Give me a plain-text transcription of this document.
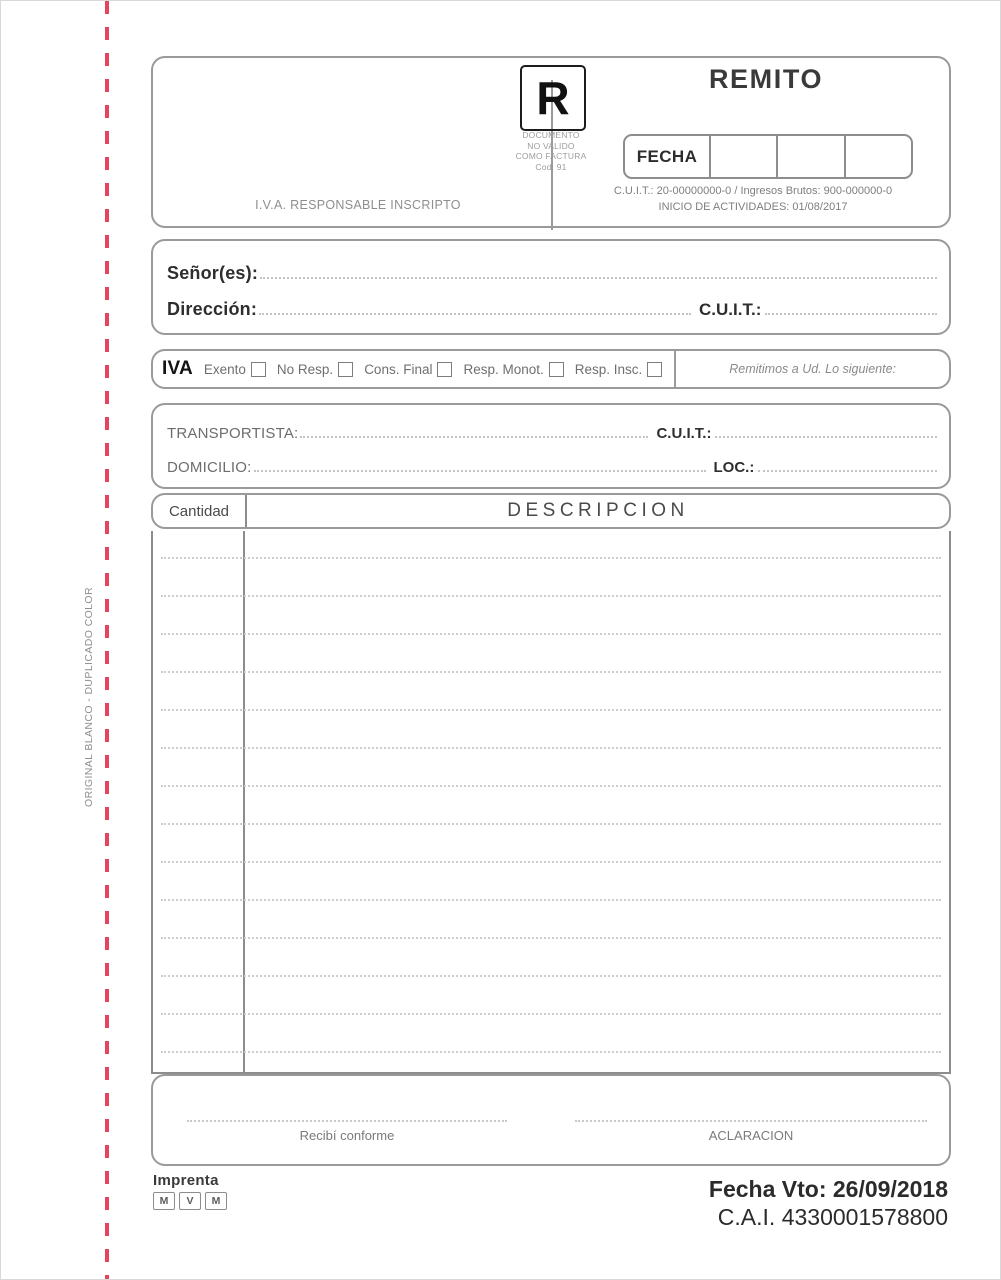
ORIGINAL BLANCO - DUPLICADO COLOR
R
DOCUMENTO
NO VALIDO
COMO FACTURA
Cod. 91
REMITO
FECHA
C.U.I.T.: 20-00000000-0 / Ingresos Brutos: 900-000000-0
INICIO DE ACTIVIDADES: 01/08/2017
I.V.A. RESPONSABLE INSCRIPTO
Señor(es):
Dirección:	C.U.I.T.:
IVA Exento No Resp. Cons. Final Resp. Monot. Resp. Insc.	Remitimos a Ud. Lo siguiente:
TRANSPORTISTA:	C.U.I.T.:
DOMICILIO:	LOC.:
Cantidad	DESCRIPCION
Recibí conforme	ACLARACION
Imprenta
M	V	M	Fecha Vto: 26/09/2018
C.A.I. 4330001578800
